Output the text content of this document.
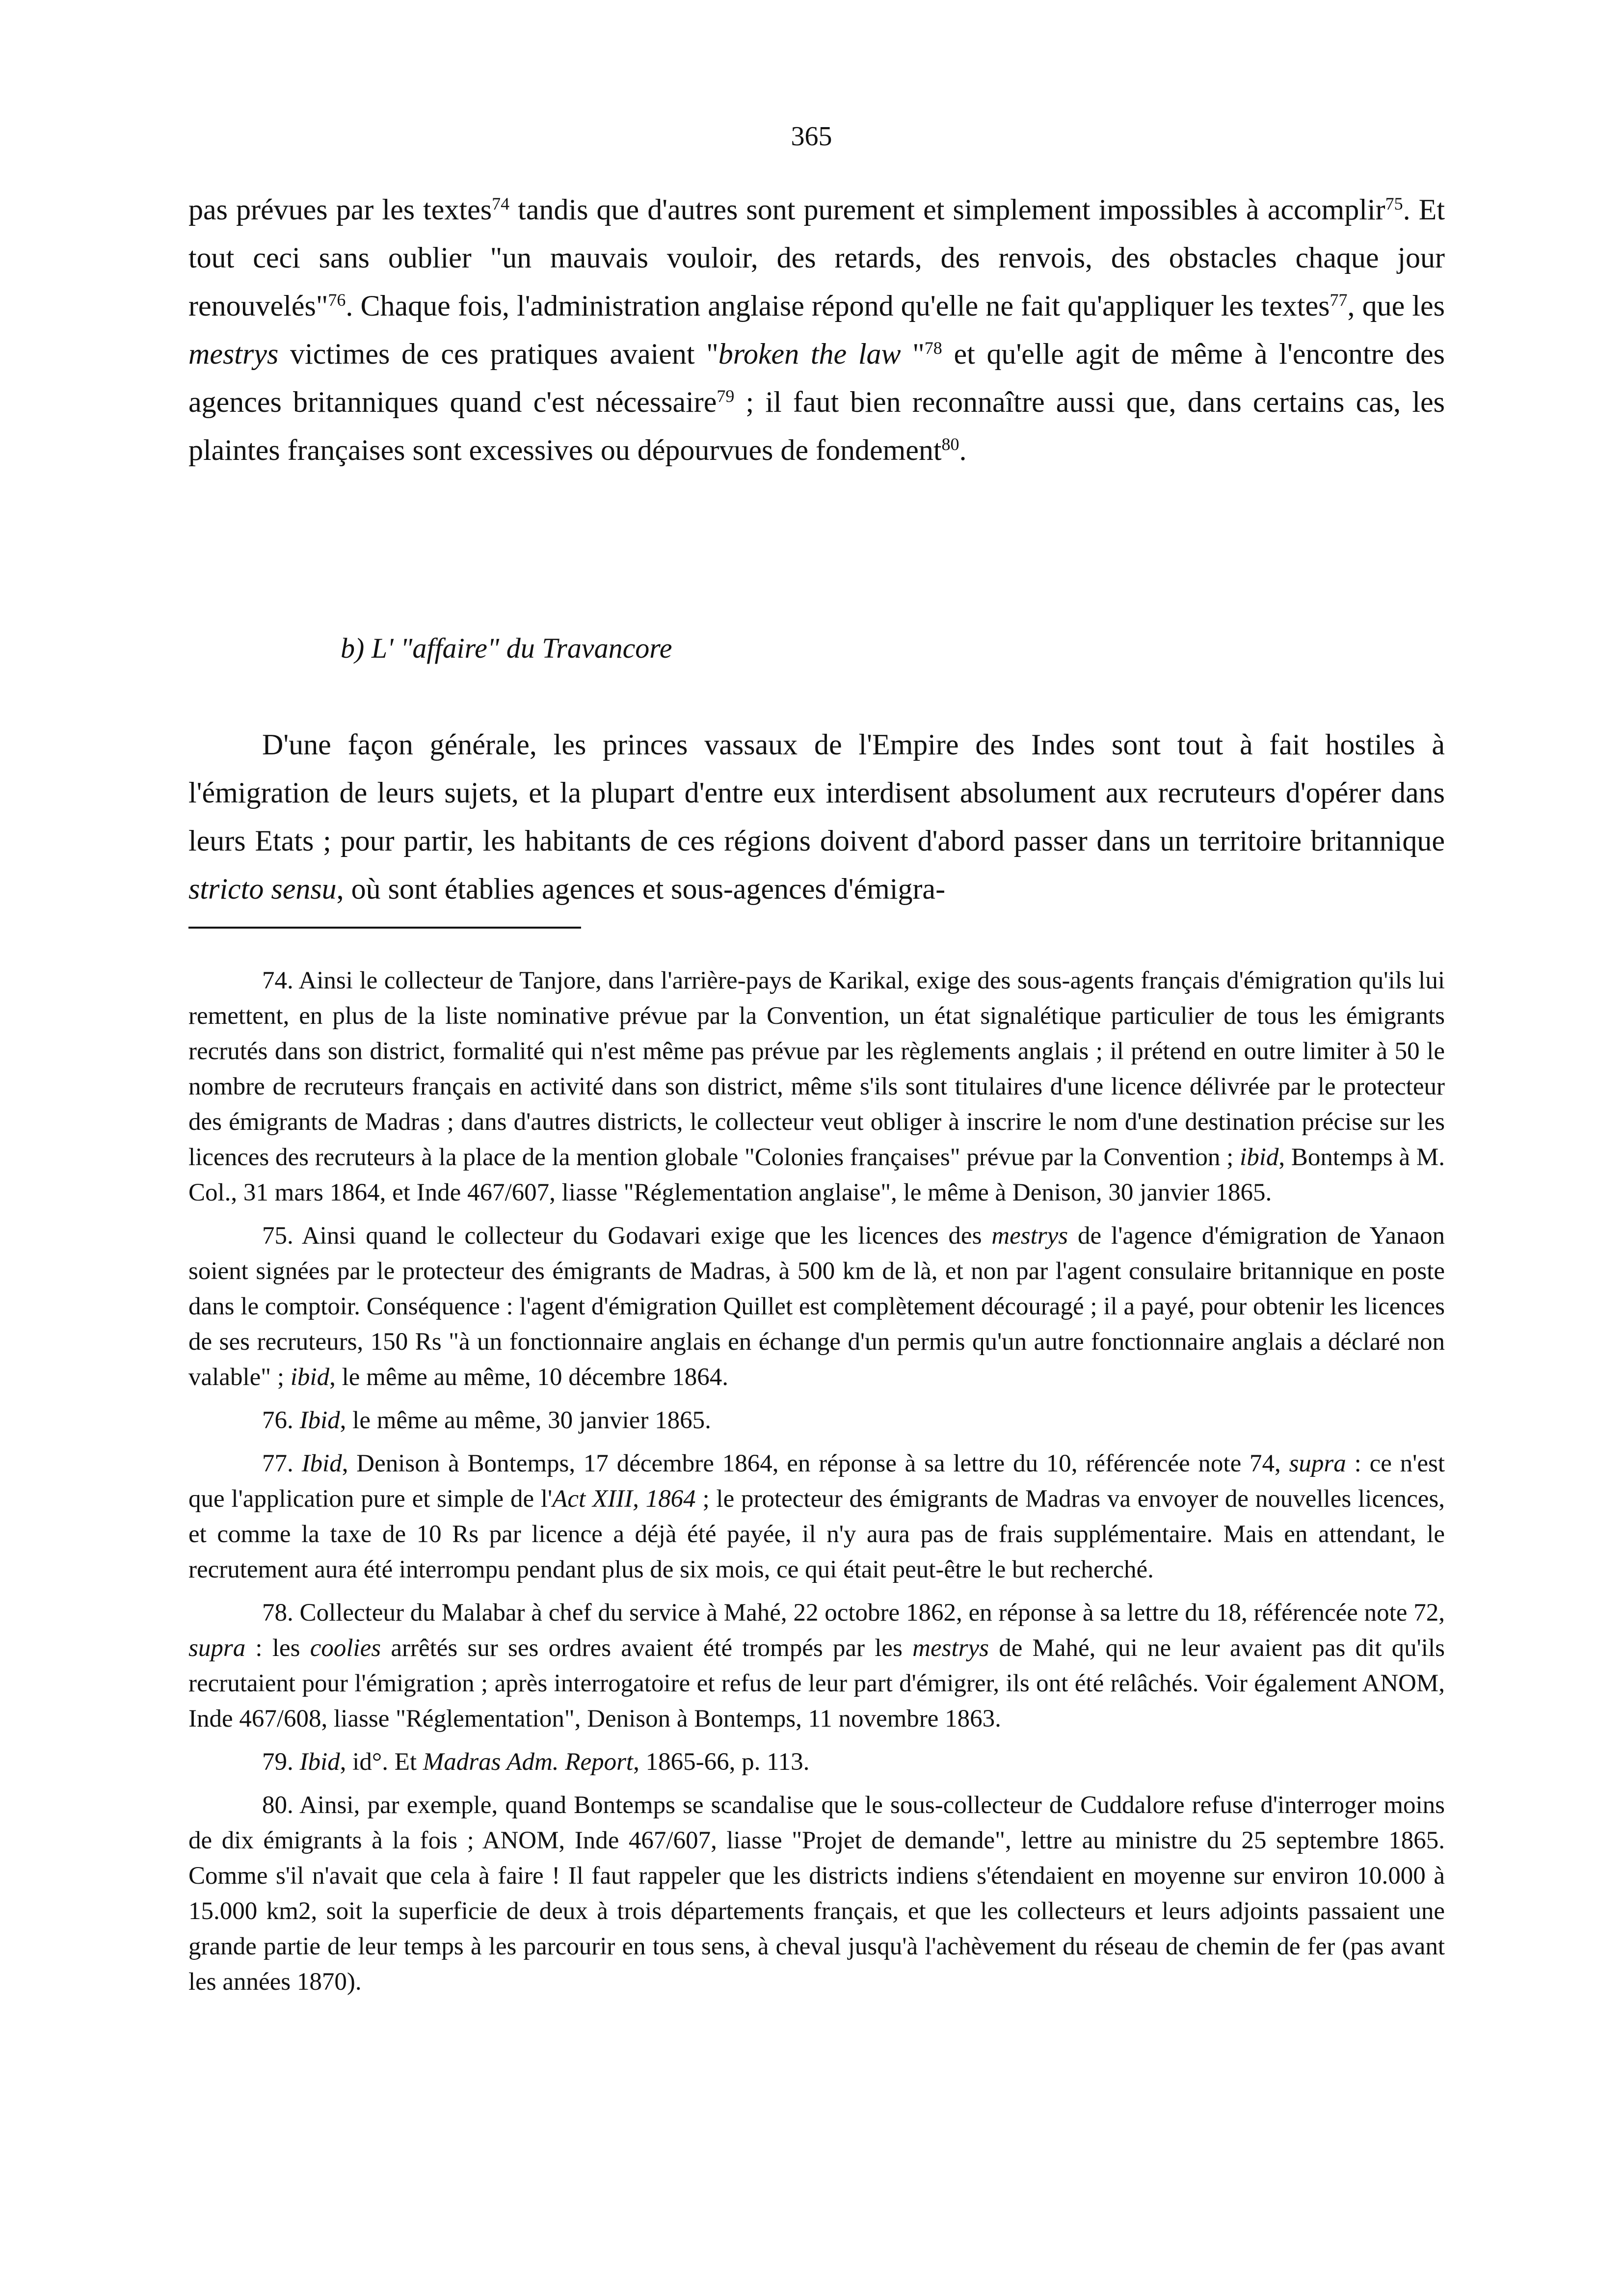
365

pas prévues par les textes$^{74}$ tandis que d'autres sont purement et simplement impossibles à accomplir$^{75}$. Et tout ceci sans oublier "un mauvais vouloir, des retards, des renvois, des obstacles chaque jour renouvelés"$^{76}$. Chaque fois, l'administration anglaise répond qu'elle ne fait qu'appliquer les textes$^{77}$, que les mestrys victimes de ces pratiques avaient "broken the law "$^{78}$ et qu'elle agit de même à l'encontre des agences britanniques quand c'est nécessaire$^{79}$ ; il faut bien reconnaître aussi que, dans certains cas, les plaintes françaises sont excessives ou dépourvues de fondement$^{80}$.

b) L' "affaire" du Travancore

D'une façon générale, les princes vassaux de l'Empire des Indes sont tout à fait hostiles à l'émigration de leurs sujets, et la plupart d'entre eux interdisent absolument aux recruteurs d'opérer dans leurs Etats ; pour partir, les habitants de ces régions doivent d'abord passer dans un territoire britannique stricto sensu, où sont établies agences et sous-agences d'émigra-

74. Ainsi le collecteur de Tanjore, dans l'arrière-pays de Karikal, exige des sous-agents français d'émigration qu'ils lui remettent, en plus de la liste nominative prévue par la Convention, un état signalétique particulier de tous les émigrants recrutés dans son district, formalité qui n'est même pas prévue par les règlements anglais ; il prétend en outre limiter à 50 le nombre de recruteurs français en activité dans son district, même s'ils sont titulaires d'une licence délivrée par le protecteur des émigrants de Madras ; dans d'autres districts, le collecteur veut obliger à inscrire le nom d'une destination précise sur les licences des recruteurs à la place de la mention globale "Colonies françaises" prévue par la Convention ; ibid, Bontemps à M. Col., 31 mars 1864, et Inde 467/607, liasse "Réglementation anglaise", le même à Denison, 30 janvier 1865.

75. Ainsi quand le collecteur du Godavari exige que les licences des mestrys de l'agence d'émigration de Yanaon soient signées par le protecteur des émigrants de Madras, à 500 km de là, et non par l'agent consulaire britannique en poste dans le comptoir. Conséquence : l'agent d'émigration Quillet est complètement découragé ; il a payé, pour obtenir les licences de ses recruteurs, 150 Rs "à un fonctionnaire anglais en échange d'un permis qu'un autre fonctionnaire anglais a déclaré non valable" ; ibid, le même au même, 10 décembre 1864.

76. Ibid, le même au même, 30 janvier 1865.

77. Ibid, Denison à Bontemps, 17 décembre 1864, en réponse à sa lettre du 10, référencée note 74, supra : ce n'est que l'application pure et simple de l'Act XIII, 1864 ; le protecteur des émigrants de Madras va envoyer de nouvelles licences, et comme la taxe de 10 Rs par licence a déjà été payée, il n'y aura pas de frais supplémentaire. Mais en attendant, le recrutement aura été interrompu pendant plus de six mois, ce qui était peut-être le but recherché.

78. Collecteur du Malabar à chef du service à Mahé, 22 octobre 1862, en réponse à sa lettre du 18, référencée note 72, supra : les coolies arrêtés sur ses ordres avaient été trompés par les mestrys de Mahé, qui ne leur avaient pas dit qu'ils recrutaient pour l'émigration ; après interrogatoire et refus de leur part d'émigrer, ils ont été relâchés. Voir également ANOM, Inde 467/608, liasse "Réglementation", Denison à Bontemps, 11 novembre 1863.

79. Ibid, id°. Et Madras Adm. Report, 1865-66, p. 113.

80. Ainsi, par exemple, quand Bontemps se scandalise que le sous-collecteur de Cuddalore refuse d'interroger moins de dix émigrants à la fois ; ANOM, Inde 467/607, liasse "Projet de demande", lettre au ministre du 25 septembre 1865. Comme s'il n'avait que cela à faire ! Il faut rappeler que les districts indiens s'étendaient en moyenne sur environ 10.000 à 15.000 km2, soit la superficie de deux à trois départements français, et que les collecteurs et leurs adjoints passaient une grande partie de leur temps à les parcourir en tous sens, à cheval jusqu'à l'achèvement du réseau de chemin de fer (pas avant les années 1870).
